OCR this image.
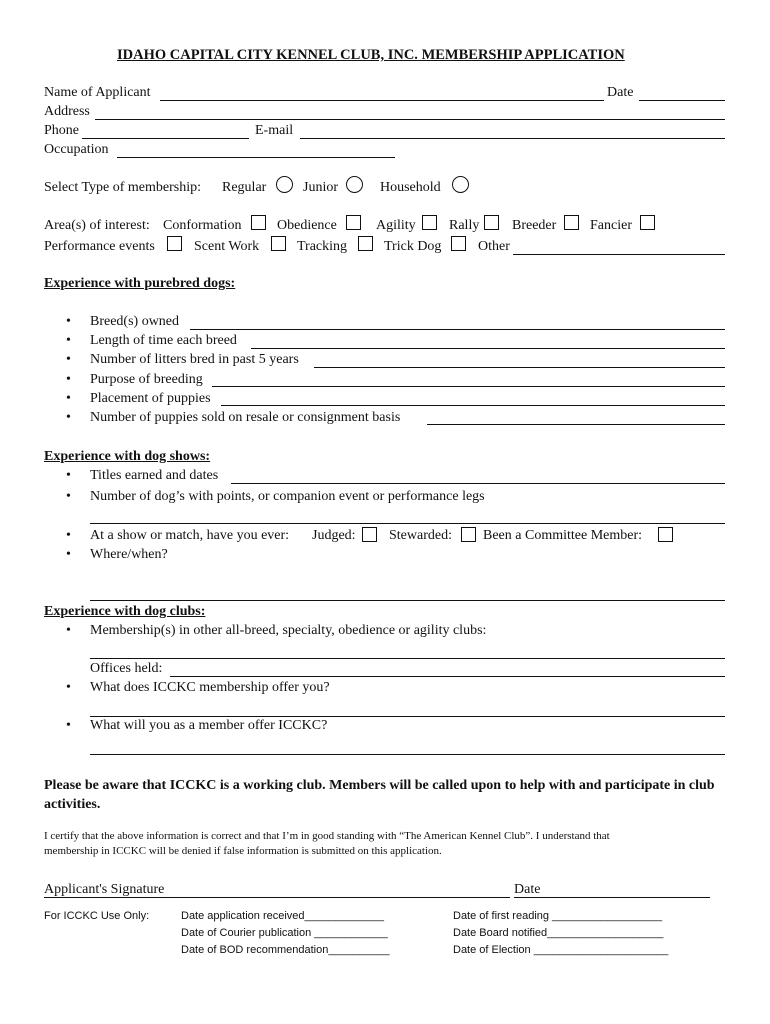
IDAHO CAPITAL CITY KENNEL CLUB, INC. MEMBERSHIP APPLICATION
Name of Applicant	Date
Address
Phone	E-mail
Occupation
Select Type of membership: Regular	Junior	Household
Area(s) of interest: Conformation	Obedience	Agility Rally Breeder Fancier
Performance events	Scent Work	Tracking	Trick Dog	Other
Experience with purebred dogs:
• Breed(s) owned
• Length of time each breed
• Number of litters bred in past 5 years
• Purpose of breeding
• Placement of puppies
• Number of puppies sold on resale or consignment basis
Experience with dog shows:
• Titles earned and dates
• Number of dog’s with points, or companion event or performance legs
• At a show or match, have you ever: Judged: Stewarded: Been a Committee Member:
• Where/when?
Experience with dog clubs:
• Membership(s) in other all-breed, specialty, obedience or agility clubs:
Offices held:
• What does ICCKC membership offer you?
• What will you as a member offer ICCKC?
Please be aware that ICCKC is a working club. Members will be called upon to help with and participate in club activities.
I certify that the above information is correct and that I’m in good standing with “The American Kennel Club”. I understand that
membership in ICCKC will be denied if false information is submitted on this application.
Applicant's Signature	Date
For ICCKC Use Only:	Date application received_____________
Date of Courier publication ____________
Date of BOD recommendation__________
Date of first reading __________________
Date Board notified___________________
Date of Election ______________________
